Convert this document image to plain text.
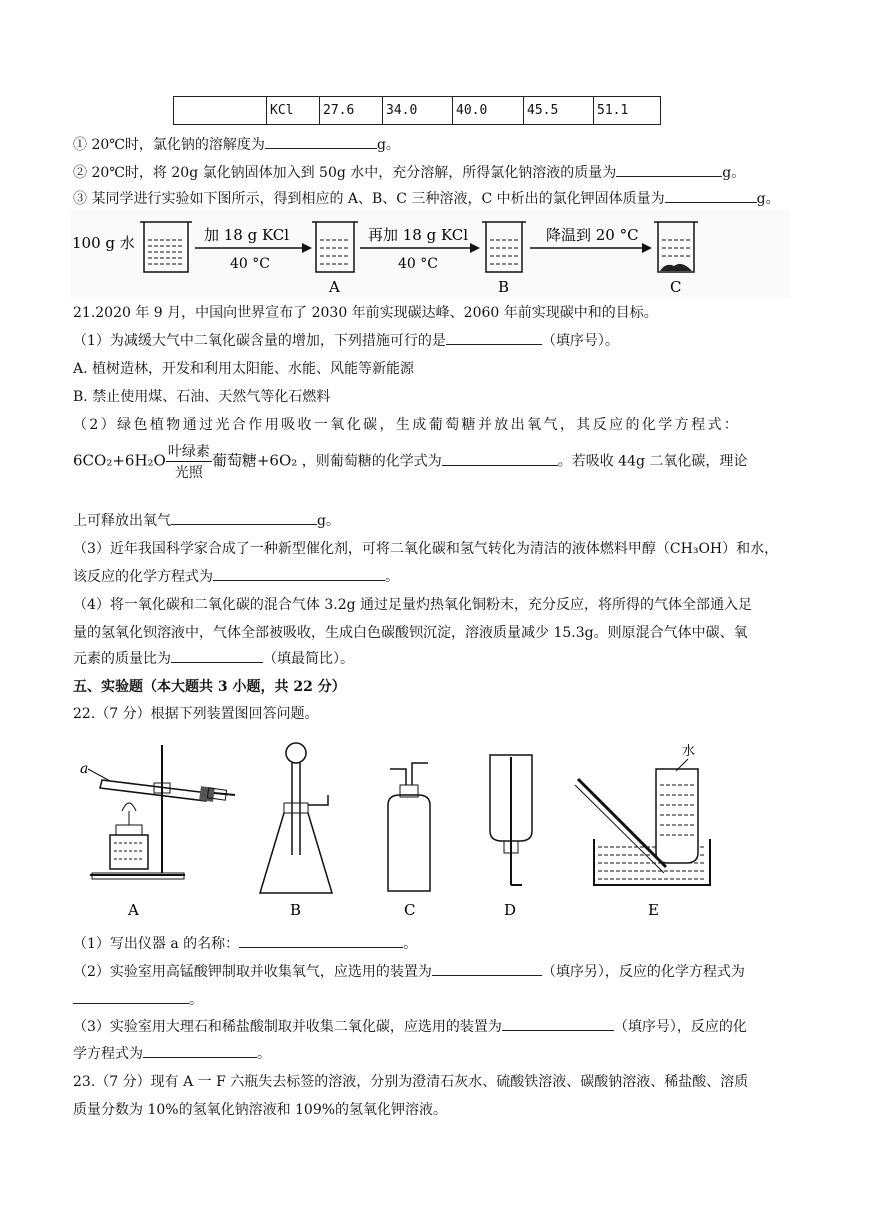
	KCl	27.6	34.0	40.0	45.5	51.1
① 20℃时，氯化钠的溶解度为	g。
② 20℃时，将 20g 氯化钠固体加入到 50g 水中，充分溶解，所得氯化钠溶液的质量为	g。
③ 某同学进行实验如下图所示，得到相应的 A、B、C 三种溶液，C 中析出的氯化钾固体质量为	g。
100 g 水	加 18 g KCl
40 °C
A
再加 18 g KCl
40 °C
B
降温到 20 °C
C
21.2020 年 9 月，中国向世界宣布了 2030 年前实现碳达峰、2060 年前实现碳中和的目标。
（1）为减缓大气中二氧化碳含量的增加，下列措施可行的是	（填序号）。
A. 植树造林，开发和利用太阳能、水能、风能等新能源
B. 禁止使用煤、石油、天然气等化石燃料
（2）绿色植物通过光合作用吸收一氧化碳，生成葡萄糖并放出氧气，其反应的化学方程式：
$6CO_2+6H_2O \frac{\text{叶绿素}}{\text{光照}}$ 葡萄糖+6O₂ ，则葡萄糖的化学式为	。若吸收 44g 二氧化碳，理论
上可释放出氧气	g。
（3）近年我国科学家合成了一种新型催化剂，可将二氧化碳和氢气转化为清洁的液体燃料甲醇（CH₃OH）和水，
该反应的化学方程式为	。
（4）将一氧化碳和二氧化碳的混合气体 3.2g 通过足量灼热氧化铜粉末，充分反应，将所得的气体全部通入足
量的氢氧化钡溶液中，气体全部被吸收，生成白色碳酸钡沉淀，溶液质量减少 15.3g。则原混合气体中碳、氧
元素的质量比为	（填最简比）。
五、实验题（本大题共 3 小题，共 22 分）
22.（7 分）根据下列装置图回答问题。
a
水
A	B	C	D	E
（1）写出仪器 a 的名称：	。
（2）实验室用高锰酸钾制取并收集氧气，应选用的装置为	（填序另），反应的化学方程式为
。
（3）实验室用大理石和稀盐酸制取并收集二氧化碳，应选用的装置为	（填序号），反应的化
学方程式为	。
23.（7 分）现有 A 一 F 六瓶失去标签的溶液，分别为澄清石灰水、硫酸铁溶液、碳酸钠溶液、稀盐酸、溶质
质量分数为 10%的氢氧化钠溶液和 109%的氢氧化钾溶液。
